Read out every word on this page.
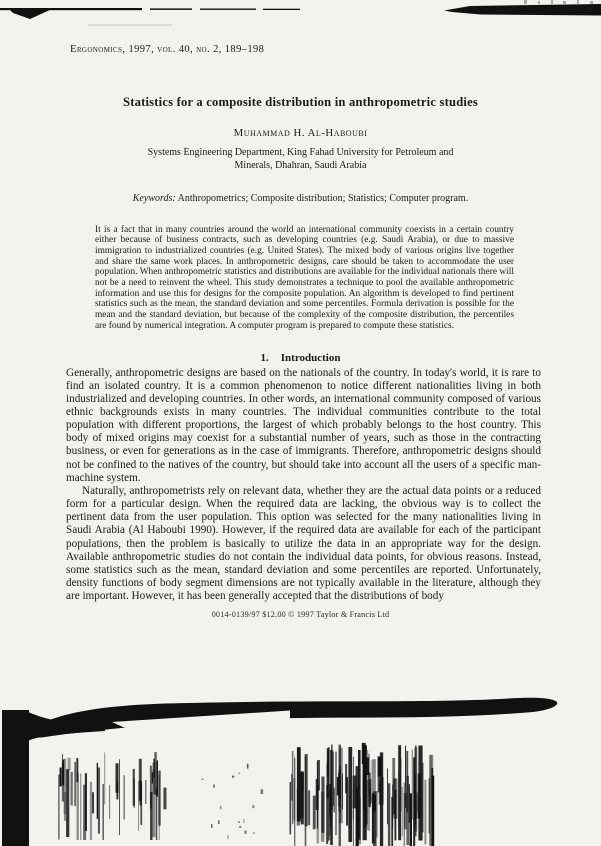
Ergonomics, 1997, vol. 40, no. 2, 189–198
Statistics for a composite distribution in anthropometric studies
Muhammad H. Al-Haboubi
Systems Engineering Department, King Fahad University for Petroleum and
Minerals, Dhahran, Saudi Arabia
Keywords: Anthropometrics; Composite distribution; Statistics; Computer program.
It is a fact that in many countries around the world an international community coexists in a certain country either because of business contracts, such as developing countries (e.g. Saudi Arabia), or due to massive immigration to industrialized countries (e.g. United States). The mixed body of various origins live together and share the same work places. In anthropometric designs, care should be taken to accommodate the user population. When anthropometric statistics and distributions are available for the individual nationals there will not be a need to reinvent the wheel. This study demonstrates a technique to pool the available anthropometric information and use this for designs for the composite population. An algorithm is developed to find pertinent statistics such as the mean, the standard deviation and some percentiles. Formula derivation is possible for the mean and the standard deviation, but because of the complexity of the composite distribution, the percentiles are found by numerical integration. A computer program is prepared to compute these statistics.
1. Introduction

Generally, anthropometric designs are based on the nationals of the country. In today's world, it is rare to find an isolated country. It is a common phenomenon to notice different nationalities living in both industrialized and developing countries. In other words, an international community composed of various ethnic backgrounds exists in many countries. The individual communities contribute to the total population with different proportions, the largest of which probably belongs to the host country. This body of mixed origins may coexist for a substantial number of years, such as those in the contracting business, or even for generations as in the case of immigrants. Therefore, anthropometric designs should not be confined to the natives of the country, but should take into account all the users of a specific man-machine system.

Naturally, anthropometrists rely on relevant data, whether they are the actual data points or a reduced form for a particular design. When the required data are lacking, the obvious way is to collect the pertinent data from the user population. This option was selected for the many nationalities living in Saudi Arabia (Al Haboubi 1990). However, if the required data are available for each of the participant populations, then the problem is basically to utilize the data in an appropriate way for the design. Available anthropometric studies do not contain the individual data points, for obvious reasons. Instead, some statistics such as the mean, standard deviation and some percentiles are reported. Unfortunately, density functions of body segment dimensions are not typically available in the literature, although they are important. However, it has been generally accepted that the distributions of body

0014-0139/97 $12.00 © 1997 Taylor & Francis Ltd
